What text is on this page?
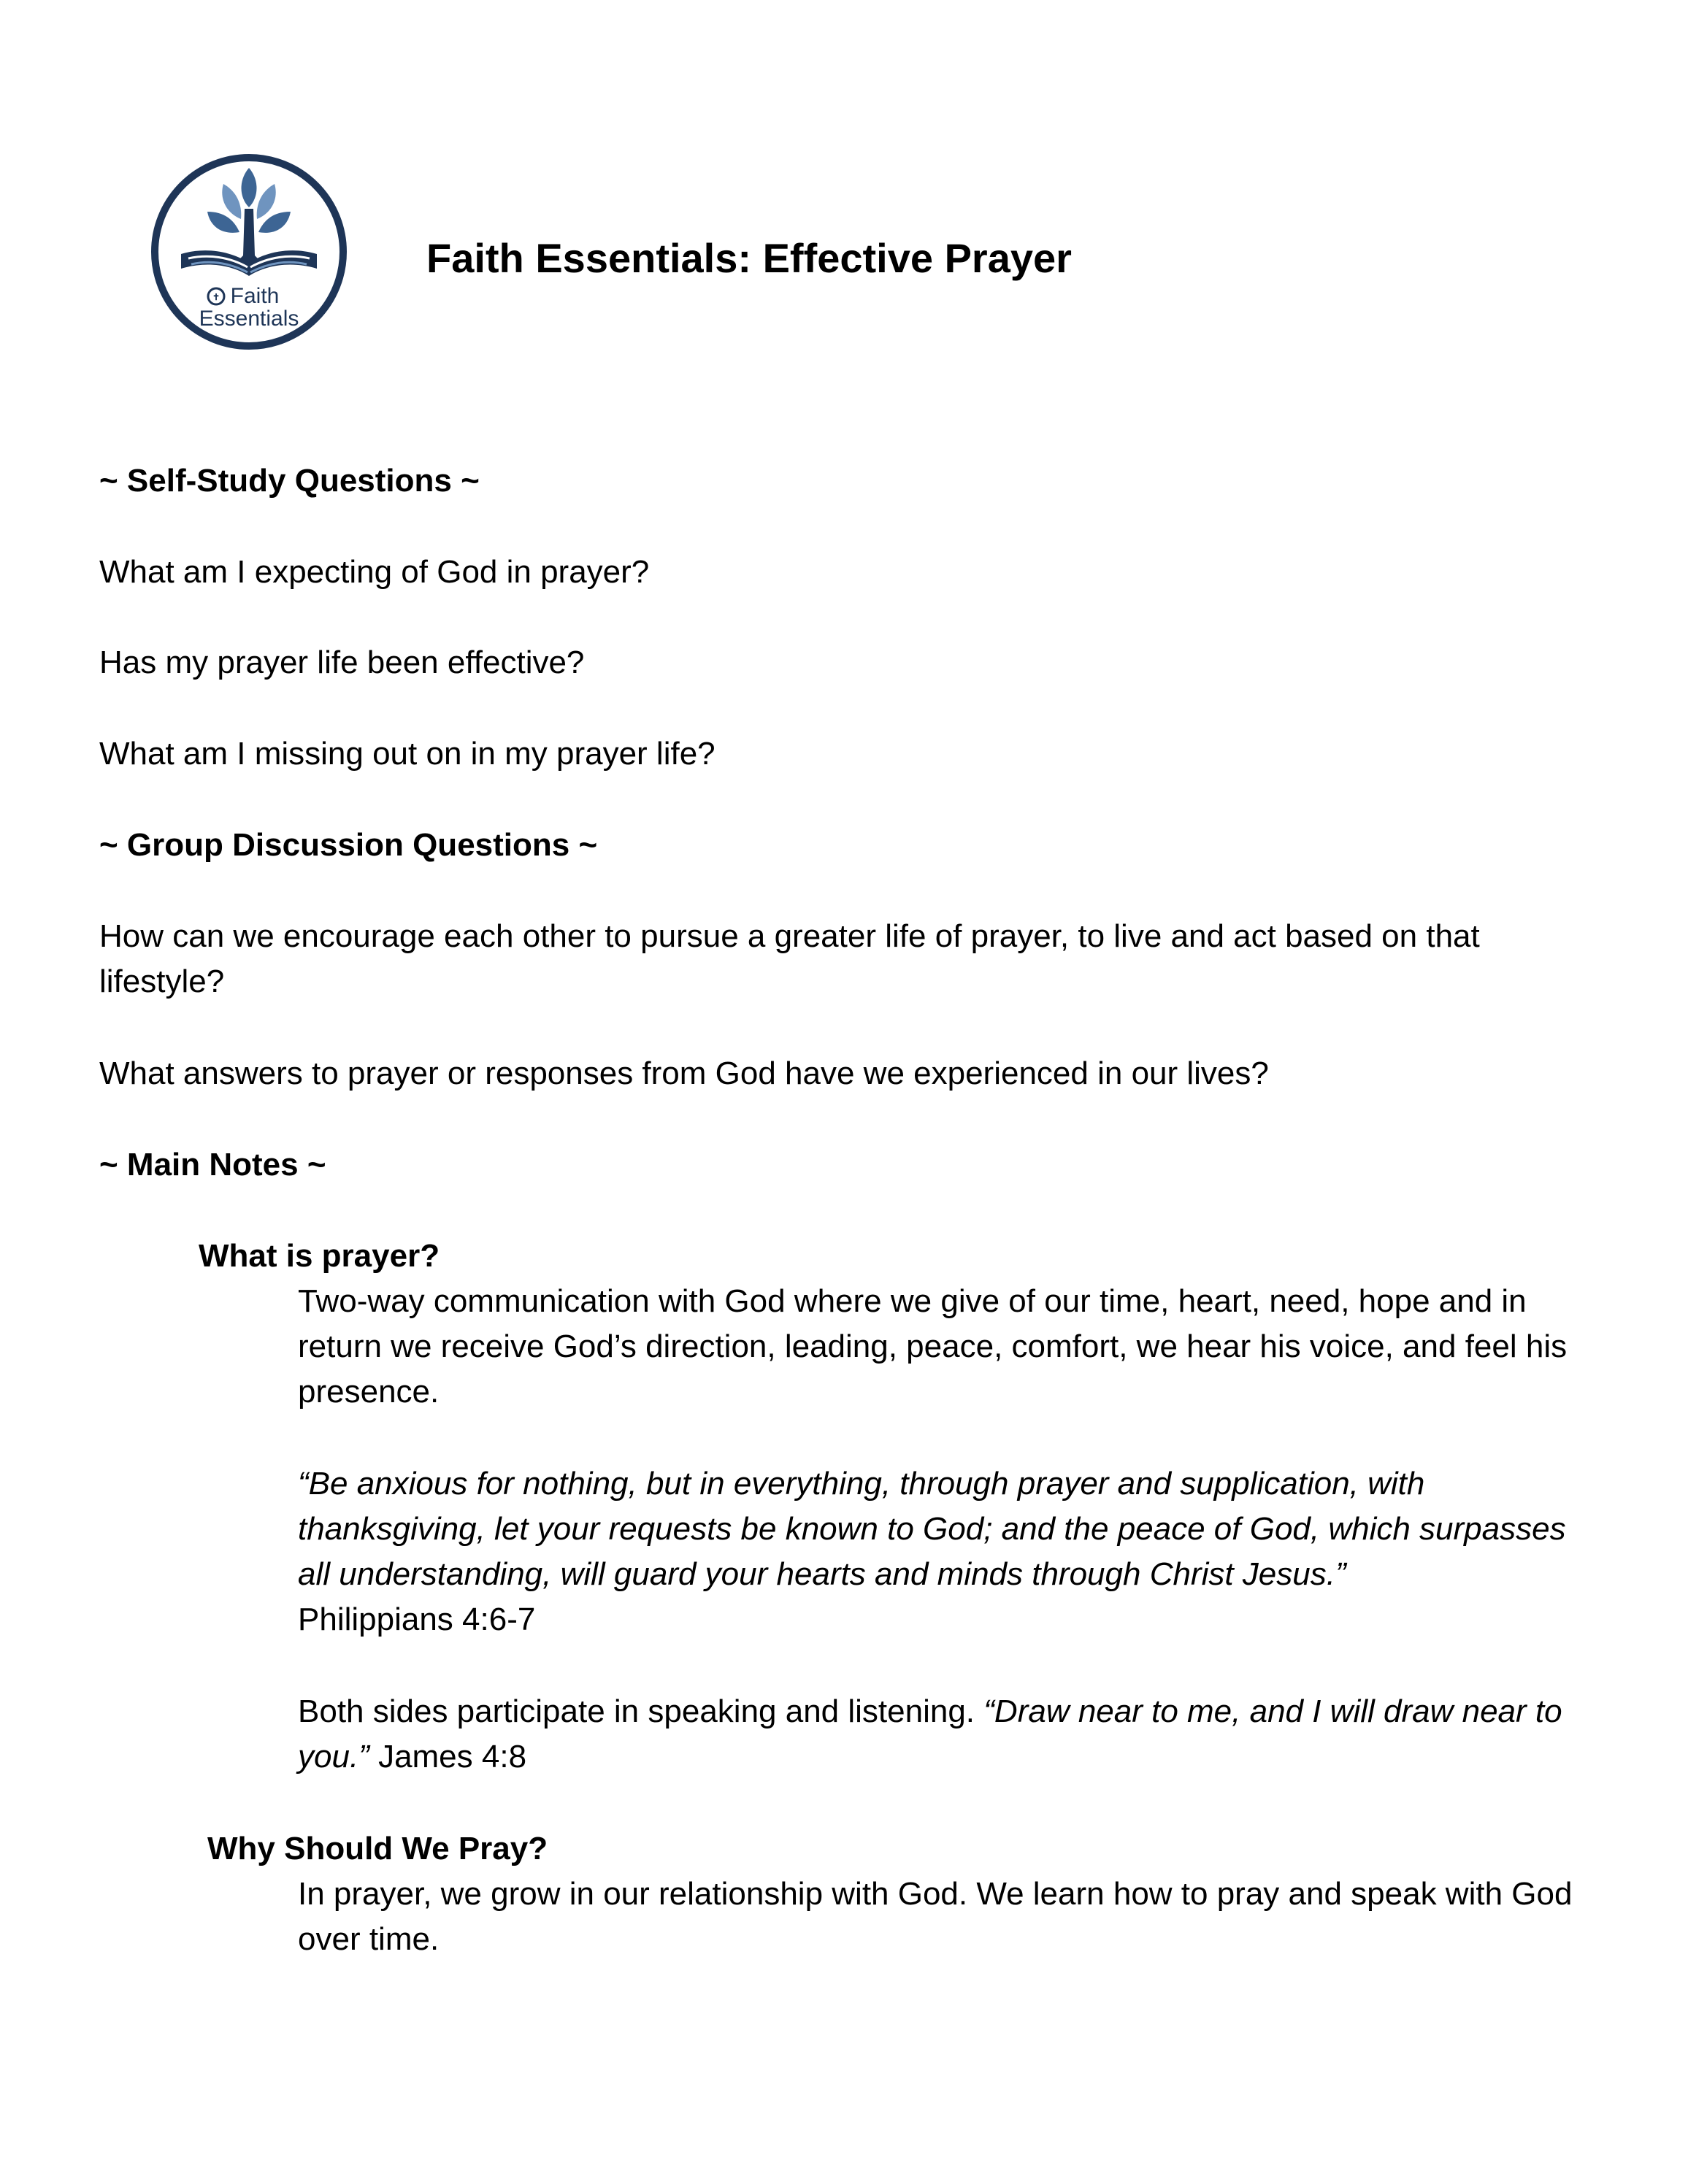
✝ Faith
Essentials
Faith Essentials: Effective Prayer

~ Self-Study Questions ~

What am I expecting of God in prayer?

Has my prayer life been effective?

What am I missing out on in my prayer life?

~ Group Discussion Questions ~

How can we encourage each other to pursue a greater life of prayer, to live and act based on that lifestyle?

What answers to prayer or responses from God have we experienced in our lives?

~ Main Notes ~

What is prayer?

Two-way communication with God where we give of our time, heart, need, hope and in return we receive God’s direction, leading, peace, comfort, we hear his voice, and feel his presence.

“Be anxious for nothing, but in everything, through prayer and supplication, with thanksgiving, let your requests be known to God; and the peace of God, which surpasses all understanding, will guard your hearts and minds through Christ Jesus.”
Philippians 4:6-7

Both sides participate in speaking and listening. “Draw near to me, and I will draw near to you.” James 4:8

Why Should We Pray?

In prayer, we grow in our relationship with God. We learn how to pray and speak with God over time.
